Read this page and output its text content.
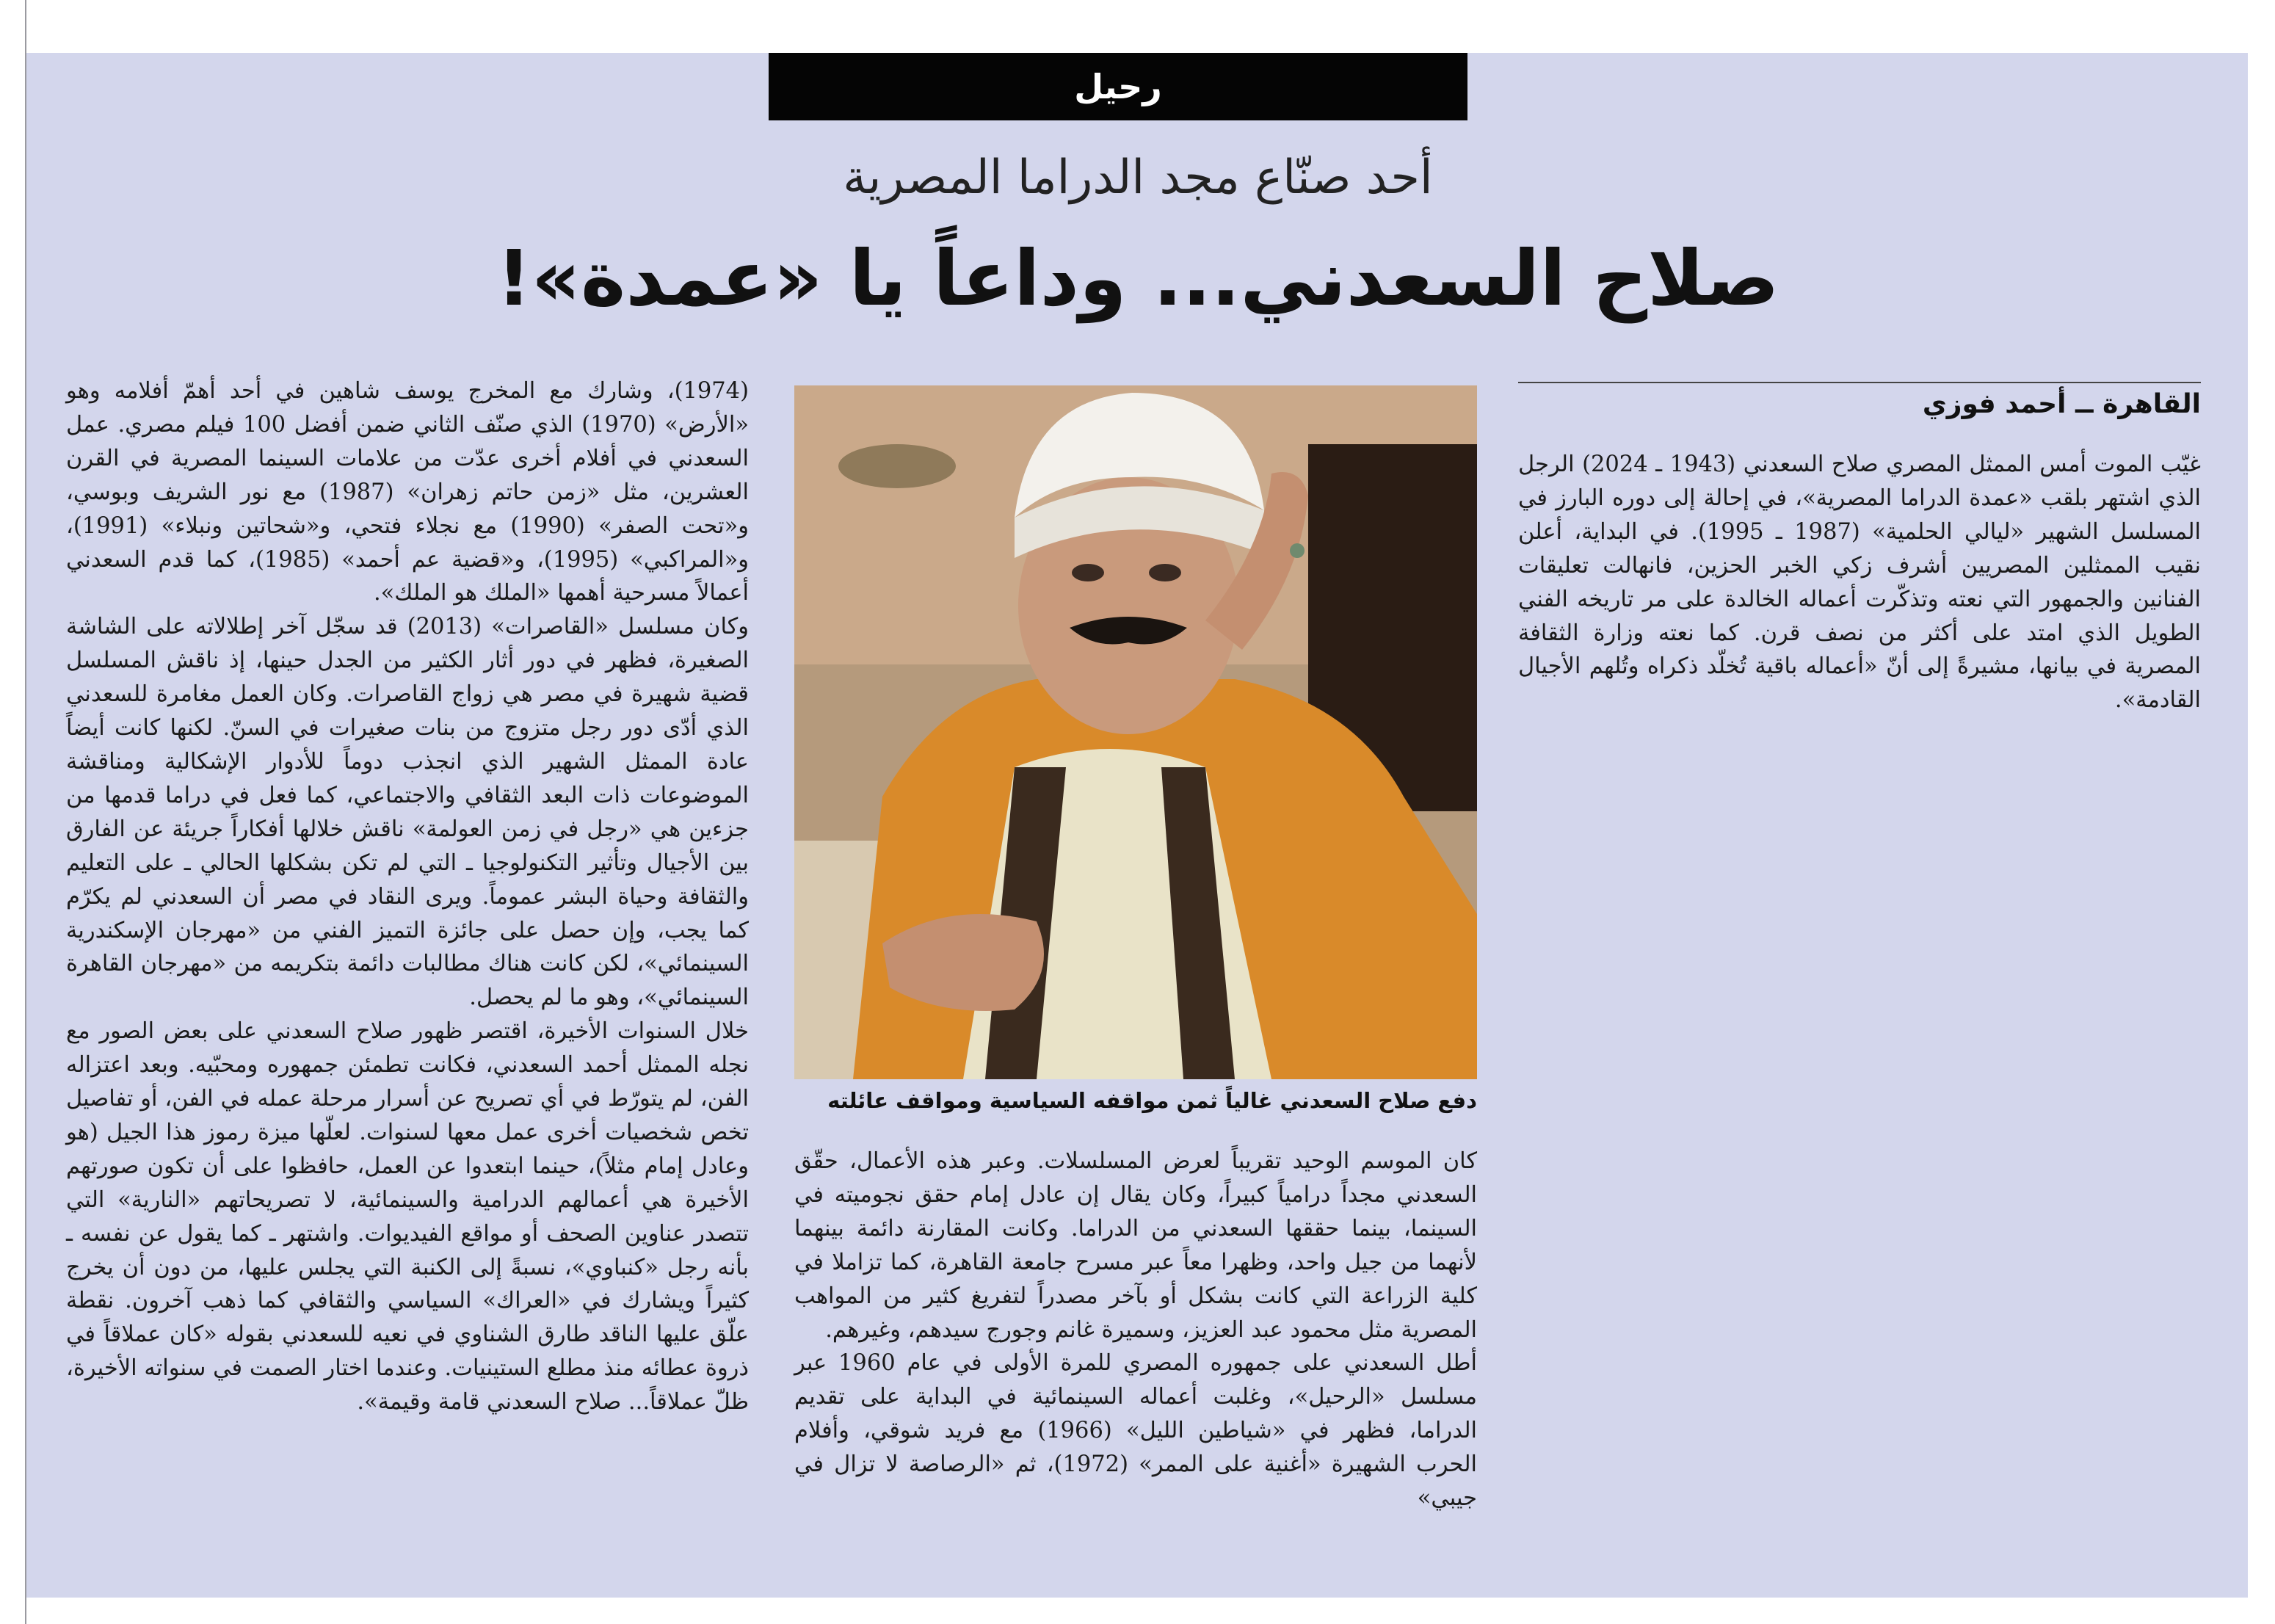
رحيل
أحد صنّاع مجد الدراما المصرية
صلاح السعدني... وداعاً يا «عمدة»!
القاهرة ــ أحمد فوزي

غيّب الموت أمس الممثل المصري صلاح السعدني (1943 ـ 2024) الرجل الذي اشتهر بلقب «عمدة الدراما المصرية»، في إحالة إلى دوره البارز في المسلسل الشهير «ليالي الحلمية» (1987 ـ 1995). في البداية، أعلن نقيب الممثلين المصريين أشرف زكي الخبر الحزين، فانهالت تعليقات الفنانين والجمهور التي نعته وتذكّرت أعماله الخالدة على مر تاريخه الفني الطويل الذي امتد على أكثر من نصف قرن. كما نعته وزارة الثقافة المصرية في بيانها، مشيرةً إلى أنّ «أعماله باقية تُخلّد ذكراه وتُلهم الأجيال القادمة».

دفع صلاح السعدني غالياً ثمن مواقفه السياسية ومواقف عائلته

كان الموسم الوحيد تقريباً لعرض المسلسلات. وعبر هذه الأعمال، حقّق السعدني مجداً درامياً كبيراً، وكان يقال إن عادل إمام حقق نجوميته في السينما، بينما حققها السعدني من الدراما. وكانت المقارنة دائمة بينهما لأنهما من جيل واحد، وظهرا معاً عبر مسرح جامعة القاهرة، كما تزاملا في كلية الزراعة التي كانت بشكل أو بآخر مصدراً لتفريغ كثير من المواهب المصرية مثل محمود عبد العزيز، وسميرة غانم وجورج سيدهم، وغيرهم.

أطل السعدني على جمهوره المصري للمرة الأولى في عام 1960 عبر مسلسل «الرحيل»، وغلبت أعماله السينمائية في البداية على تقديم الدراما، فظهر في «شياطين الليل» (1966) مع فريد شوقي، وأفلام الحرب الشهيرة «أغنية على الممر» (1972)، ثم «الرصاصة لا تزال في جيبي»

(1974)، وشارك مع المخرج يوسف شاهين في أحد أهمّ أفلامه وهو «الأرض» (1970) الذي صنّف الثاني ضمن أفضل 100 فيلم مصري. عمل السعدني في أفلام أخرى عدّت من علامات السينما المصرية في القرن العشرين، مثل «زمن حاتم زهران» (1987) مع نور الشريف وبوسي، و«تحت الصفر» (1990) مع نجلاء فتحي، و«شحاتين ونبلاء» (1991)، و«المراكبي» (1995)، و«قضية عم أحمد» (1985)، كما قدم السعدني أعمالاً مسرحية أهمها «الملك هو الملك».

وكان مسلسل «القاصرات» (2013) قد سجّل آخر إطلالاته على الشاشة الصغيرة، فظهر في دور أثار الكثير من الجدل حينها، إذ ناقش المسلسل قضية شهيرة في مصر هي زواج القاصرات. وكان العمل مغامرة للسعدني الذي أدّى دور رجل متزوج من بنات صغيرات في السنّ. لكنها كانت أيضاً عادة الممثل الشهير الذي انجذب دوماً للأدوار الإشكالية ومناقشة الموضوعات ذات البعد الثقافي والاجتماعي، كما فعل في دراما قدمها من جزءين هي «رجل في زمن العولمة» ناقش خلالها أفكاراً جريئة عن الفارق بين الأجيال وتأثير التكنولوجيا ـ التي لم تكن بشكلها الحالي ـ على التعليم والثقافة وحياة البشر عموماً. ويرى النقاد في مصر أن السعدني لم يكرّم كما يجب، وإن حصل على جائزة التميز الفني من «مهرجان الإسكندرية السينمائي»، لكن كانت هناك مطالبات دائمة بتكريمه من «مهرجان القاهرة السينمائي»، وهو ما لم يحصل.

خلال السنوات الأخيرة، اقتصر ظهور صلاح السعدني على بعض الصور مع نجله الممثل أحمد السعدني، فكانت تطمئن جمهوره ومحبّيه. وبعد اعتزاله الفن، لم يتورّط في أي تصريح عن أسرار مرحلة عمله في الفن، أو تفاصيل تخص شخصيات أخرى عمل معها لسنوات. لعلّها ميزة رموز هذا الجيل (هو وعادل إمام مثلاً)، حينما ابتعدوا عن العمل، حافظوا على أن تكون صورتهم الأخيرة هي أعمالهم الدرامية والسينمائية، لا تصريحاتهم «النارية» التي تتصدر عناوين الصحف أو مواقع الفيديوات. واشتهر ـ كما يقول عن نفسه ـ بأنه رجل «كنباوي»، نسبةً إلى الكنبة التي يجلس عليها، من دون أن يخرج كثيراً ويشارك في «العراك» السياسي والثقافي كما ذهب آخرون. نقطة علّق عليها الناقد طارق الشناوي في نعيه للسعدني بقوله «كان عملاقاً في ذروة عطائه منذ مطلع الستينيات. وعندما اختار الصمت في سنواته الأخيرة، ظلّ عملاقاً... صلاح السعدني قامة وقيمة».
